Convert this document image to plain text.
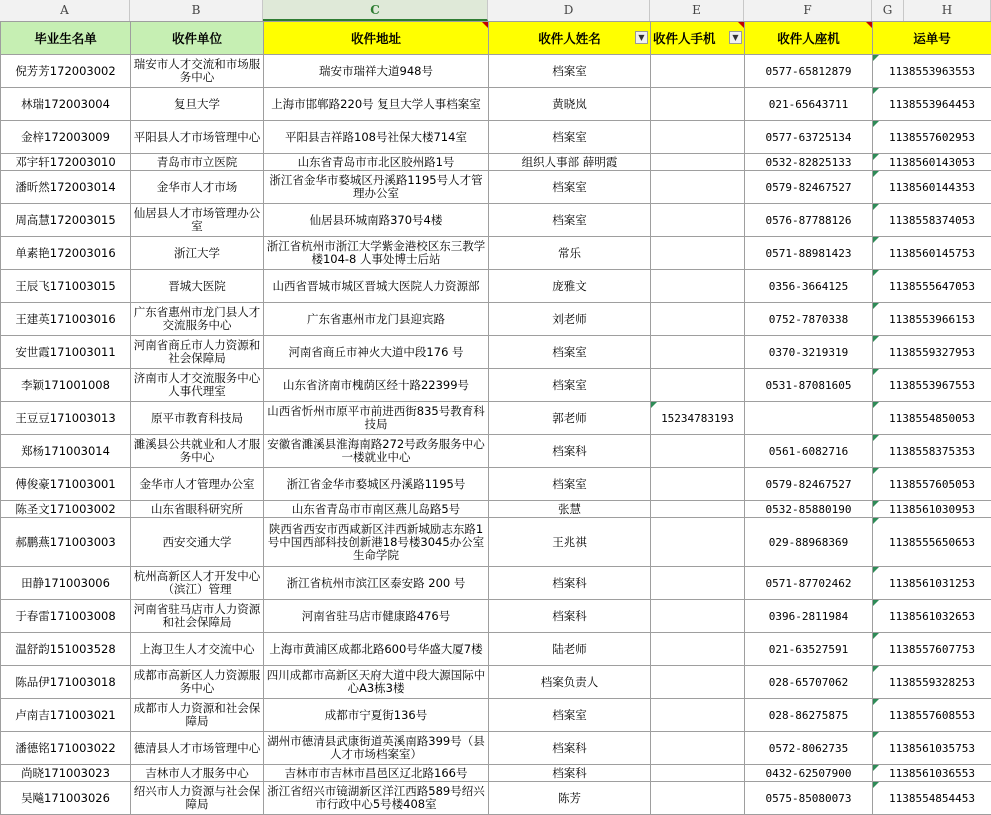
A	B	C	D	E	F	G	H
毕业生名单	收件单位	收件地址	收件人姓名 ▼	收件人手机 ▼	收件人座机	运单号
倪芳芳172003002	瑞安市人才交流和市场服务中心	瑞安市瑞祥大道948号	档案室		0577-65812879	1138553963553

林瑞172003004	复旦大学	上海市邯郸路220号 复旦大学人事档案室	黄晓岚		021-65643711	1138553964453

金梓172003009	平阳县人才市场管理中心	平阳县吉祥路108号社保大楼714室	档案室		0577-63725134	1138557602953

邓宇轩172003010	青岛市市立医院	山东省青岛市市北区胶州路1号	组织人事部 薛明霞		0532-82825133	1138560143053

潘昕然172003014	金华市人才市场	浙江省金华市婺城区丹溪路1195号人才管理办公室	档案室		0579-82467527	1138560144353

周高慧172003015	仙居县人才市场管理办公室	仙居县环城南路370号4楼	档案室		0576-87788126	1138558374053

单素艳172003016	浙江大学	浙江省杭州市浙江大学紫金港校区东三教学楼104-8 人事处博士后站	常乐		0571-88981423	1138560145753

王辰飞171003015	晋城大医院	山西省晋城市城区晋城大医院人力资源部	庞雅文		0356-3664125	1138555647053

王建英171003016	广东省惠州市龙门县人才交流服务中心	广东省惠州市龙门县迎宾路	刘老师		0752-7870338	1138553966153

安世霞171003011	河南省商丘市人力资源和社会保障局	河南省商丘市神火大道中段176 号	档案室		0370-3219319	1138559327953

李颖171001008	济南市人才交流服务中心人事代理室	山东省济南市槐荫区经十路22399号	档案室		0531-87081605	1138553967553

王豆豆171003013	原平市教育科技局	山西省忻州市原平市前进西街835号教育科技局	郭老师	15234783193		1138554850053

郑杨171003014	濉溪县公共就业和人才服务中心	安徽省濉溪县淮海南路272号政务服务中心一楼就业中心	档案科		0561-6082716	1138558375353

傅俊豪171003001	金华市人才管理办公室	浙江省金华市婺城区丹溪路1195号	档案室		0579-82467527	1138557605053

陈圣文171003002	山东省眼科研究所	山东省青岛市市南区燕儿岛路5号	张慧		0532-85880190	1138561030953

郝鹏燕171003003	西安交通大学	陕西省西安市西咸新区沣西新城励志东路1号中国西部科技创新港18号楼3045办公室生命学院	王兆祺		029-88968369	1138555650653

田静171003006	杭州高新区人才开发中心（滨江）管理	浙江省杭州市滨江区泰安路 200 号	档案科		0571-87702462	1138561031253

于春雷171003008	河南省驻马店市人力资源和社会保障局	河南省驻马店市健康路476号	档案科		0396-2811984	1138561032653

温舒韵151003528	上海卫生人才交流中心	上海市黄浦区成都北路600号华盛大厦7楼	陆老师		021-63527591	1138557607753

陈品伊171003018	成都市高新区人力资源服务中心	四川成都市高新区天府大道中段大源国际中心A3栋3楼	档案负责人		028-65707062	1138559328253

卢南吉171003021	成都市人力资源和社会保障局	成都市宁夏街136号	档案室		028-86275875	1138557608553

潘德铭171003022	德清县人才市场管理中心	湖州市德清县武康街道英溪南路399号（县人才市场档案室）	档案科		0572-8062735	1138561035753

尚晓171003023	吉林市人才服务中心	吉林市市吉林市昌邑区辽北路166号	档案科		0432-62507900	1138561036553

吴飚171003026	绍兴市人力资源与社会保障局	浙江省绍兴市镜湖新区洋江西路589号绍兴市行政中心5号楼408室	陈芳		0575-85080073	1138554854453
